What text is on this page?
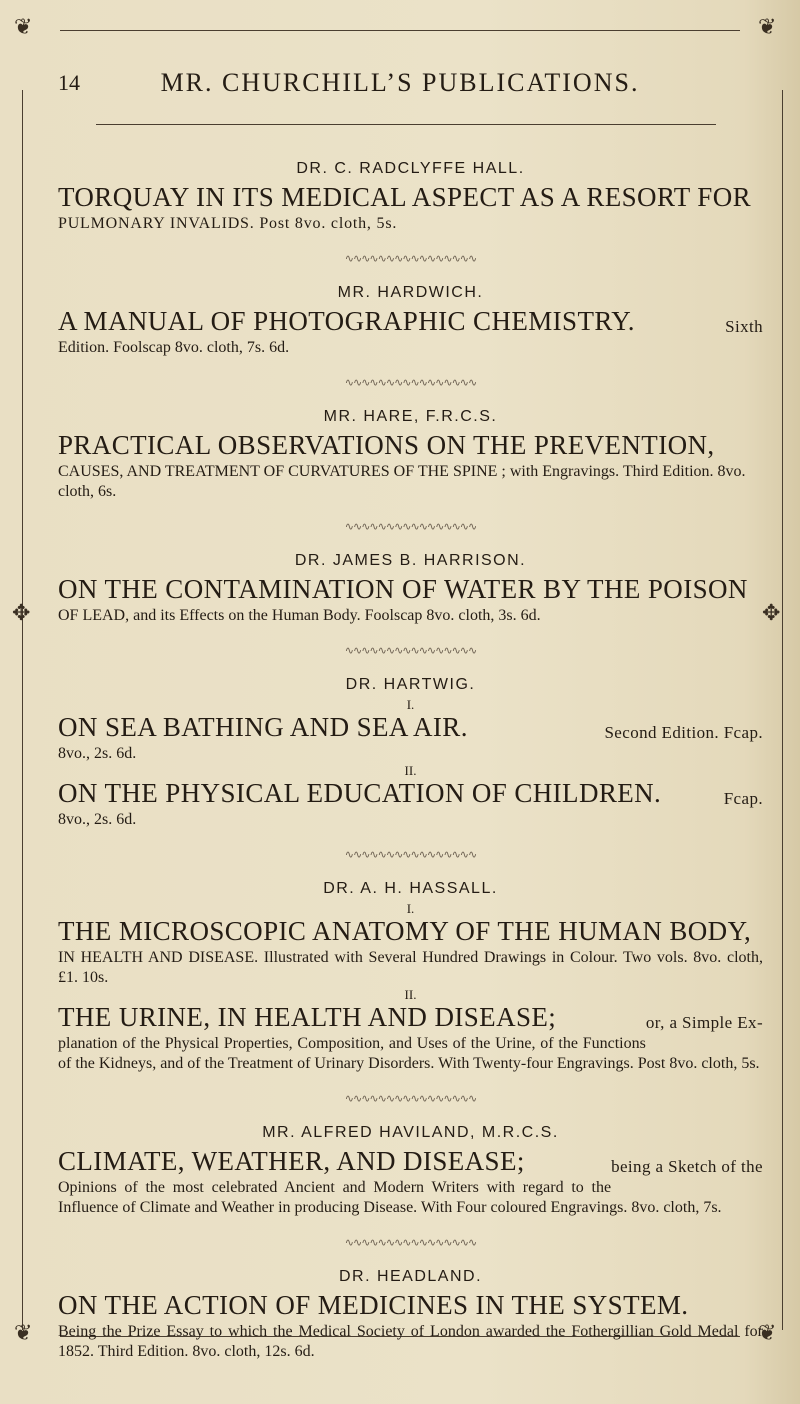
❦	❦
✥	✥
❦	❦
14	MR. CHURCHILL’S PUBLICATIONS.

DR. C. RADCLYFFE HALL.

TORQUAY IN ITS MEDICAL ASPECT AS A RESORT FOR

PULMONARY INVALIDS. Post 8vo. cloth, 5s.

∿∿∿∿∿∿∿∿∿∿∿∿∿∿∿∿

MR. HARDWICH.

A MANUAL OF PHOTOGRAPHIC CHEMISTRY.	Sixth

Edition. Foolscap 8vo. cloth, 7s. 6d.

∿∿∿∿∿∿∿∿∿∿∿∿∿∿∿∿

MR. HARE, F.R.C.S.

PRACTICAL OBSERVATIONS ON THE PREVENTION,

CAUSES, AND TREATMENT OF CURVATURES OF THE SPINE ; with Engravings. Third Edition. 8vo. cloth, 6s.

∿∿∿∿∿∿∿∿∿∿∿∿∿∿∿∿

DR. JAMES B. HARRISON.

ON THE CONTAMINATION OF WATER BY THE POISON

OF LEAD, and its Effects on the Human Body. Foolscap 8vo. cloth, 3s. 6d.

∿∿∿∿∿∿∿∿∿∿∿∿∿∿∿∿

DR. HARTWIG.

I.

ON SEA BATHING AND SEA AIR.	Second Edition. Fcap.

8vo., 2s. 6d.

II.

ON THE PHYSICAL EDUCATION OF CHILDREN.	Fcap.

8vo., 2s. 6d.

∿∿∿∿∿∿∿∿∿∿∿∿∿∿∿∿

DR. A. H. HASSALL.

I.

THE MICROSCOPIC ANATOMY OF THE HUMAN BODY,

IN HEALTH AND DISEASE. Illustrated with Several Hundred Drawings in Colour. Two vols. 8vo. cloth, £1. 10s.

II.

THE URINE, IN HEALTH AND DISEASE;	or, a Simple Ex-

planation of the Physical Properties, Composition, and Uses of the Urine, of the Functions of the Kidneys, and of the Treatment of Urinary Disorders. With Twenty-four Engravings. Post 8vo. cloth, 5s.

∿∿∿∿∿∿∿∿∿∿∿∿∿∿∿∿

MR. ALFRED HAVILAND, M.R.C.S.

CLIMATE, WEATHER, AND DISEASE;	being a Sketch of the

Opinions of the most celebrated Ancient and Modern Writers with regard to the Influence of Climate and Weather in producing Disease. With Four coloured Engravings. 8vo. cloth, 7s.

∿∿∿∿∿∿∿∿∿∿∿∿∿∿∿∿

DR. HEADLAND.

ON THE ACTION OF MEDICINES IN THE SYSTEM.

Being the Prize Essay to which the Medical Society of London awarded the Fothergillian Gold Medal for 1852. Third Edition. 8vo. cloth, 12s. 6d.
